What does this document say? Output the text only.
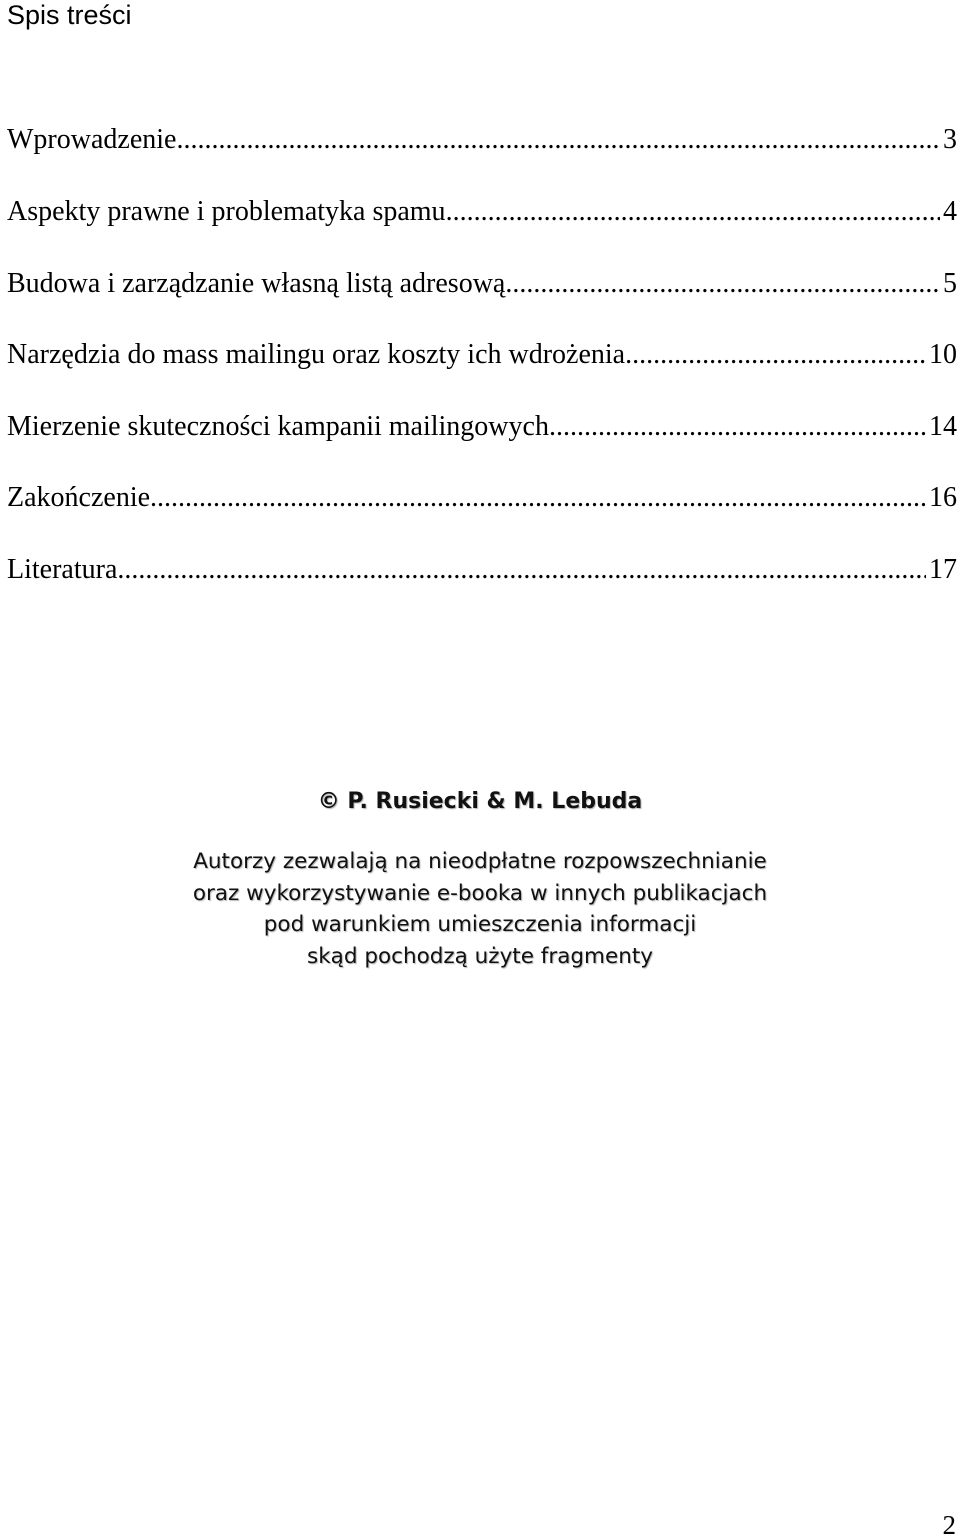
Spis treści
Wprowadzenie .....	3
Aspekty prawne i problematyka spamu .....	4
Budowa i zarządzanie własną listą adresową .....	5
Narzędzia do mass mailingu oraz koszty ich wdrożenia .....	10
Mierzenie skuteczności kampanii mailingowych .....	14
Zakończenie .....	16
Literatura .....	17

© P. Rusiecki & M. Lebuda

Autorzy zezwalają na nieodpłatne rozpowszechnianie
oraz wykorzystywanie e-booka w innych publikacjach
pod warunkiem umieszczenia informacji
skąd pochodzą użyte fragmenty

2
